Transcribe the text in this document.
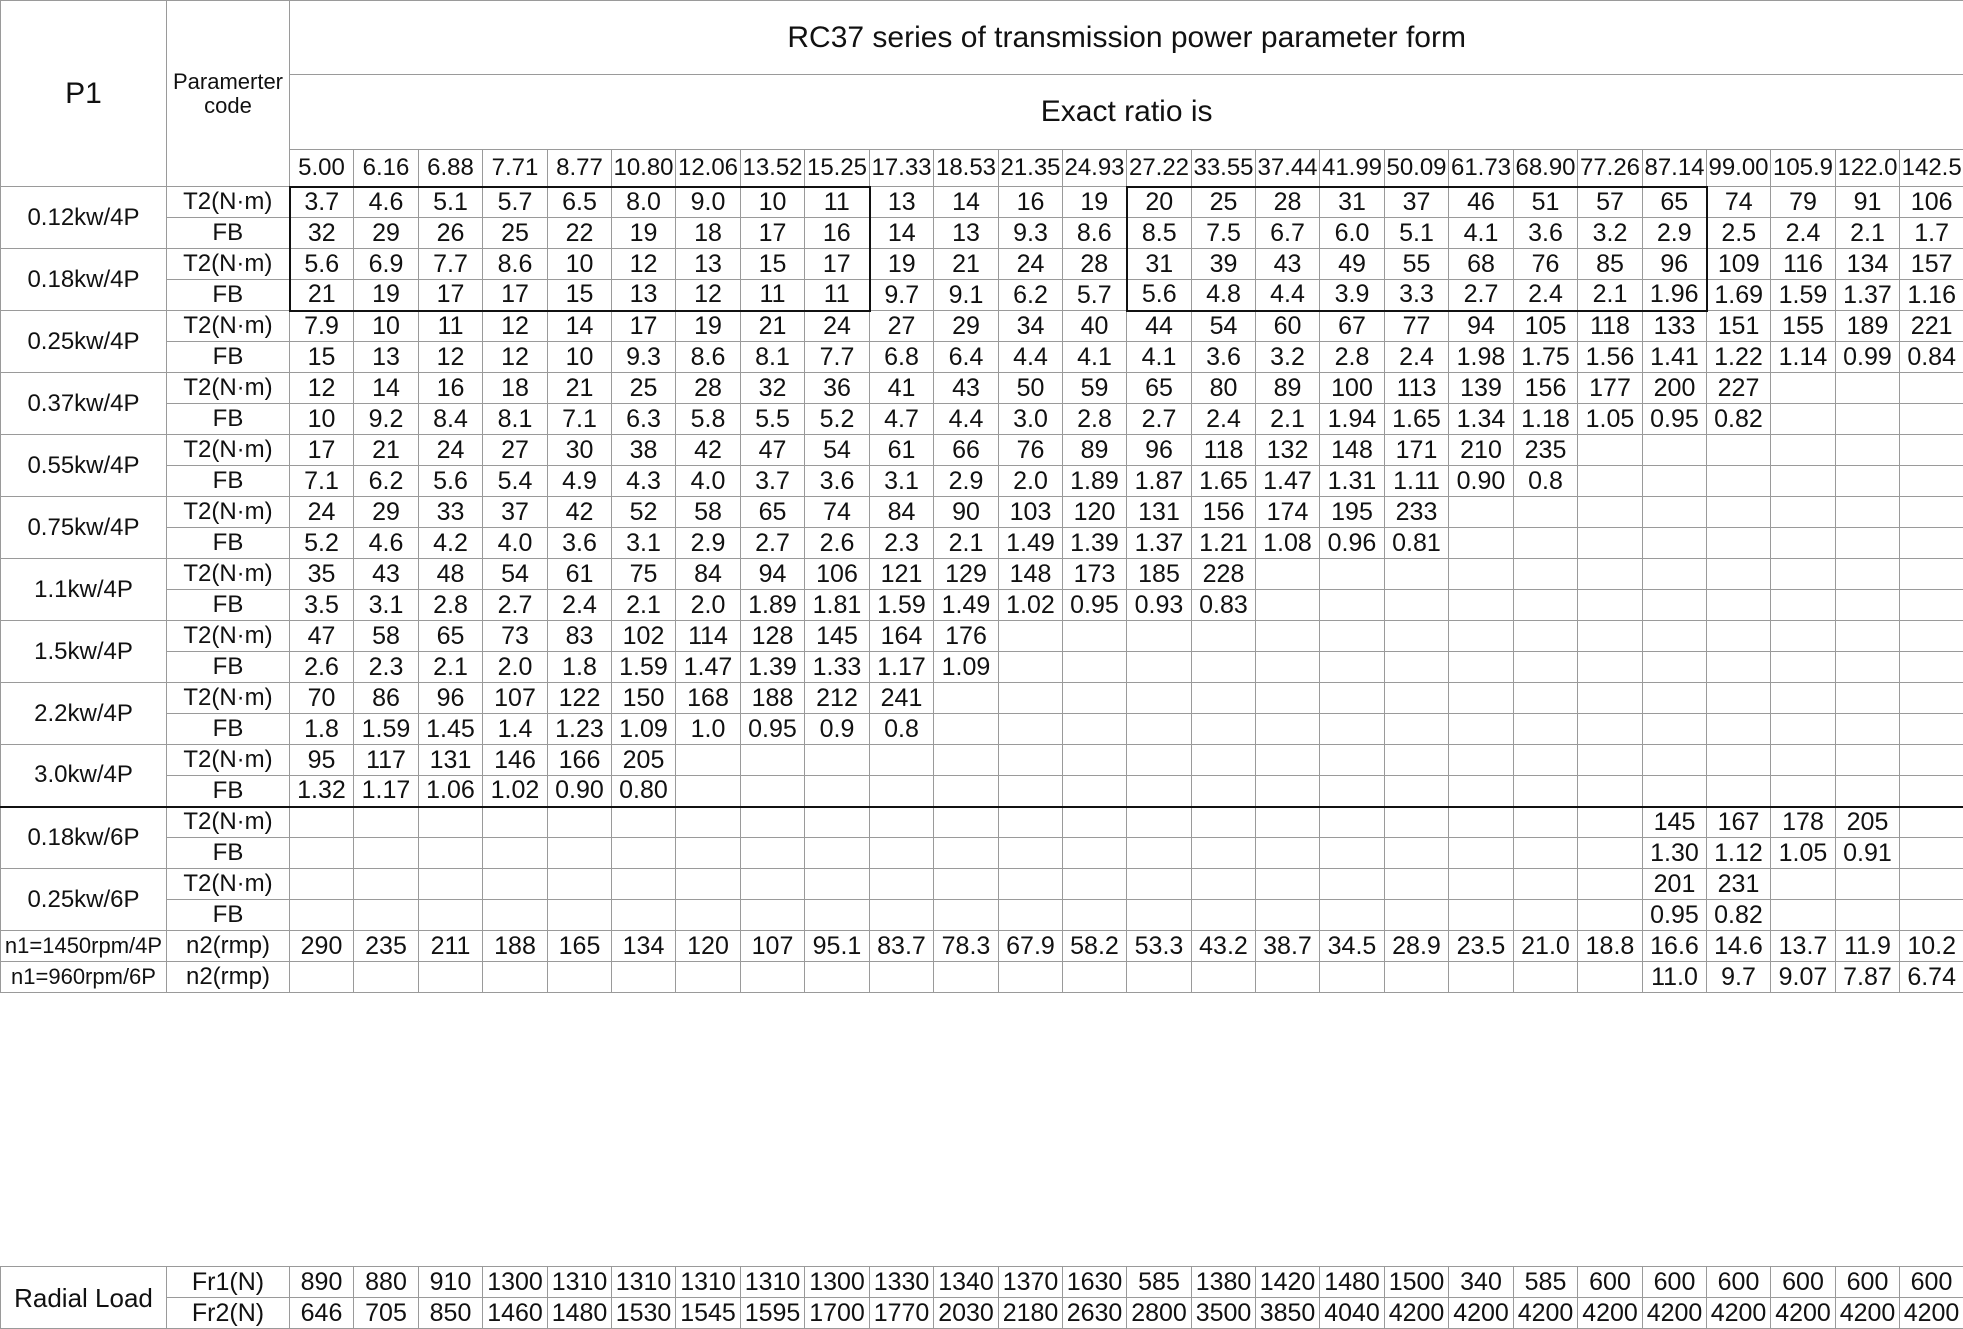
P1	Paramerter code	RC37 series of transmission power parameter form																									
		Exact ratio is																									
		5.00	6.16	6.88	7.71	8.77	10.80	12.06	13.52	15.25	17.33	18.53	21.35	24.93	27.22	33.55	37.44	41.99	50.09	61.73	68.90	77.26	87.14	99.00	105.9	122.0	142.5
0.12kw/4P	T2(N·m)	3.7	4.6	5.1	5.7	6.5	8.0	9.0	10	11	13	14	16	19	20	25	28	31	37	46	51	57	65	74	79	91	106
	FB	32	29	26	25	22	19	18	17	16	14	13	9.3	8.6	8.5	7.5	6.7	6.0	5.1	4.1	3.6	3.2	2.9	2.5	2.4	2.1	1.7
0.18kw/4P	T2(N·m)	5.6	6.9	7.7	8.6	10	12	13	15	17	19	21	24	28	31	39	43	49	55	68	76	85	96	109	116	134	157
	FB	21	19	17	17	15	13	12	11	11	9.7	9.1	6.2	5.7	5.6	4.8	4.4	3.9	3.3	2.7	2.4	2.1	1.96	1.69	1.59	1.37	1.16
0.25kw/4P	T2(N·m)	7.9	10	11	12	14	17	19	21	24	27	29	34	40	44	54	60	67	77	94	105	118	133	151	155	189	221
	FB	15	13	12	12	10	9.3	8.6	8.1	7.7	6.8	6.4	4.4	4.1	4.1	3.6	3.2	2.8	2.4	1.98	1.75	1.56	1.41	1.22	1.14	0.99	0.84
0.37kw/4P	T2(N·m)	12	14	16	18	21	25	28	32	36	41	43	50	59	65	80	89	100	113	139	156	177	200	227			
	FB	10	9.2	8.4	8.1	7.1	6.3	5.8	5.5	5.2	4.7	4.4	3.0	2.8	2.7	2.4	2.1	1.94	1.65	1.34	1.18	1.05	0.95	0.82			
0.55kw/4P	T2(N·m)	17	21	24	27	30	38	42	47	54	61	66	76	89	96	118	132	148	171	210	235						
	FB	7.1	6.2	5.6	5.4	4.9	4.3	4.0	3.7	3.6	3.1	2.9	2.0	1.89	1.87	1.65	1.47	1.31	1.11	0.90	0.8						
0.75kw/4P	T2(N·m)	24	29	33	37	42	52	58	65	74	84	90	103	120	131	156	174	195	233								
	FB	5.2	4.6	4.2	4.0	3.6	3.1	2.9	2.7	2.6	2.3	2.1	1.49	1.39	1.37	1.21	1.08	0.96	0.81								
1.1kw/4P	T2(N·m)	35	43	48	54	61	75	84	94	106	121	129	148	173	185	228											
	FB	3.5	3.1	2.8	2.7	2.4	2.1	2.0	1.89	1.81	1.59	1.49	1.02	0.95	0.93	0.83											
1.5kw/4P	T2(N·m)	47	58	65	73	83	102	114	128	145	164	176															
	FB	2.6	2.3	2.1	2.0	1.8	1.59	1.47	1.39	1.33	1.17	1.09															
2.2kw/4P	T2(N·m)	70	86	96	107	122	150	168	188	212	241																
	FB	1.8	1.59	1.45	1.4	1.23	1.09	1.0	0.95	0.9	0.8																
3.0kw/4P	T2(N·m)	95	117	131	146	166	205																				
	FB	1.32	1.17	1.06	1.02	0.90	0.80																				
0.18kw/6P	T2(N·m)																						145	167	178	205	
	FB																						1.30	1.12	1.05	0.91	
0.25kw/6P	T2(N·m)																						201	231			
	FB																						0.95	0.82			
n1=1450rpm/4P	n2(rmp)	290	235	211	188	165	134	120	107	95.1	83.7	78.3	67.9	58.2	53.3	43.2	38.7	34.5	28.9	23.5	21.0	18.8	16.6	14.6	13.7	11.9	10.2
n1=960rpm/6P	n2(rmp)																						11.0	9.7	9.07	7.87	6.74
Radial Load	Fr1(N)	890	880	910	1300	1310	1310	1310	1310	1300	1330	1340	1370	1630	585	1380	1420	1480	1500	340	585	600	600	600	600	600	600
	Fr2(N)	646	705	850	1460	1480	1530	1545	1595	1700	1770	2030	2180	2630	2800	3500	3850	4040	4200	4200	4200	4200	4200	4200	4200	4200	4200
